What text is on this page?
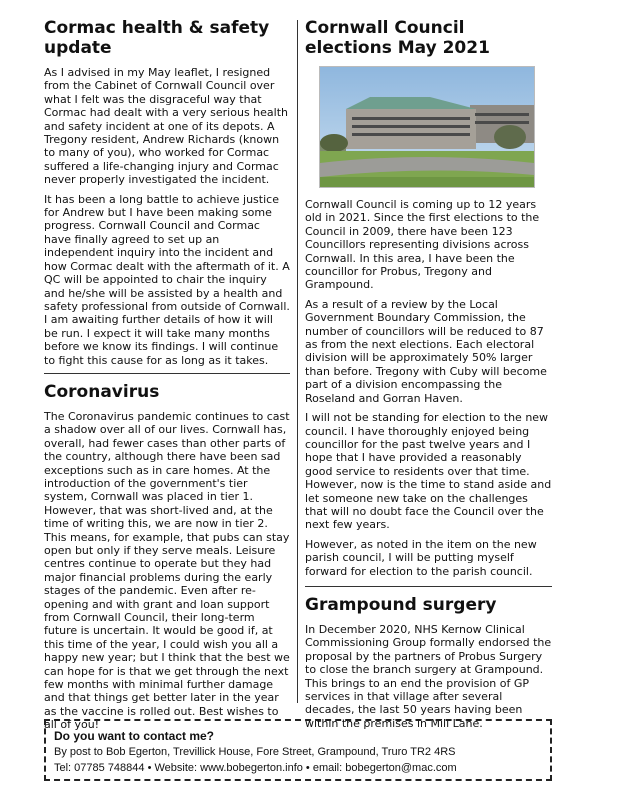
Cormac health & safety update

As I advised in my May leaflet, I resigned from the Cabinet of Cornwall Council over what I felt was the disgraceful way that Cormac had dealt with a very serious health and safety incident at one of its depots. A Tregony resident, Andrew Richards (known to many of you), who worked for Cormac suffered a life-changing injury and Cormac never properly investigated the incident.

It has been a long battle to achieve justice for Andrew but I have been making some progress. Cornwall Council and Cormac have finally agreed to set up an independent inquiry into the incident and how Cormac dealt with the aftermath of it. A QC will be appointed to chair the inquiry and he/she will be assisted by a health and safety professional from outside of Cornwall. I am awaiting further details of how it will be run. I expect it will take many months before we know its findings. I will continue to fight this cause for as long as it takes.

Coronavirus

The Coronavirus pandemic continues to cast a shadow over all of our lives. Cornwall has, overall, had fewer cases than other parts of the country, although there have been sad exceptions such as in care homes. At the introduction of the government's tier system, Cornwall was placed in tier 1. However, that was short-lived and, at the time of writing this, we are now in tier 2. This means, for example, that pubs can stay open but only if they serve meals. Leisure centres continue to operate but they had major financial problems during the early stages of the pandemic. Even after re-opening and with grant and loan support from Cornwall Council, their long-term future is uncertain. It would be good if, at this time of the year, I could wish you all a happy new year; but I think that the best we can hope for is that we get through the next few months with minimal further damage and that things get better later in the year as the vaccine is rolled out. Best wishes to all of you!

Cornwall Council elections May 2021

Cornwall Council is coming up to 12 years old in 2021. Since the first elections to the Council in 2009, there have been 123 Councillors representing divisions across Cornwall. In this area, I have been the councillor for Probus, Tregony and Grampound.

As a result of a review by the Local Government Boundary Commission, the number of councillors will be reduced to 87 as from the next elections. Each electoral division will be approximately 50% larger than before. Tregony with Cuby will become part of a division encompassing the Roseland and Gorran Haven.

I will not be standing for election to the new council. I have thoroughly enjoyed being councillor for the past twelve years and I hope that I have provided a reasonably good service to residents over that time. However, now is the time to stand aside and let someone new take on the challenges that will no doubt face the Council over the next few years.

However, as noted in the item on the new parish council, I will be putting myself forward for election to the parish council.

Grampound surgery

In December 2020, NHS Kernow Clinical Commissioning Group formally endorsed the proposal by the partners of Probus Surgery to close the branch surgery at Grampound. This brings to an end the provision of GP services in that village after several decades, the last 50 years having been within the premises in Mill Lane.

Do you want to contact me?
By post to Bob Egerton, Trevillick House, Fore Street, Grampound, Truro TR2 4RS
Tel: 07785 748844 • Website: www.bobegerton.info • email: bobegerton@mac.com
